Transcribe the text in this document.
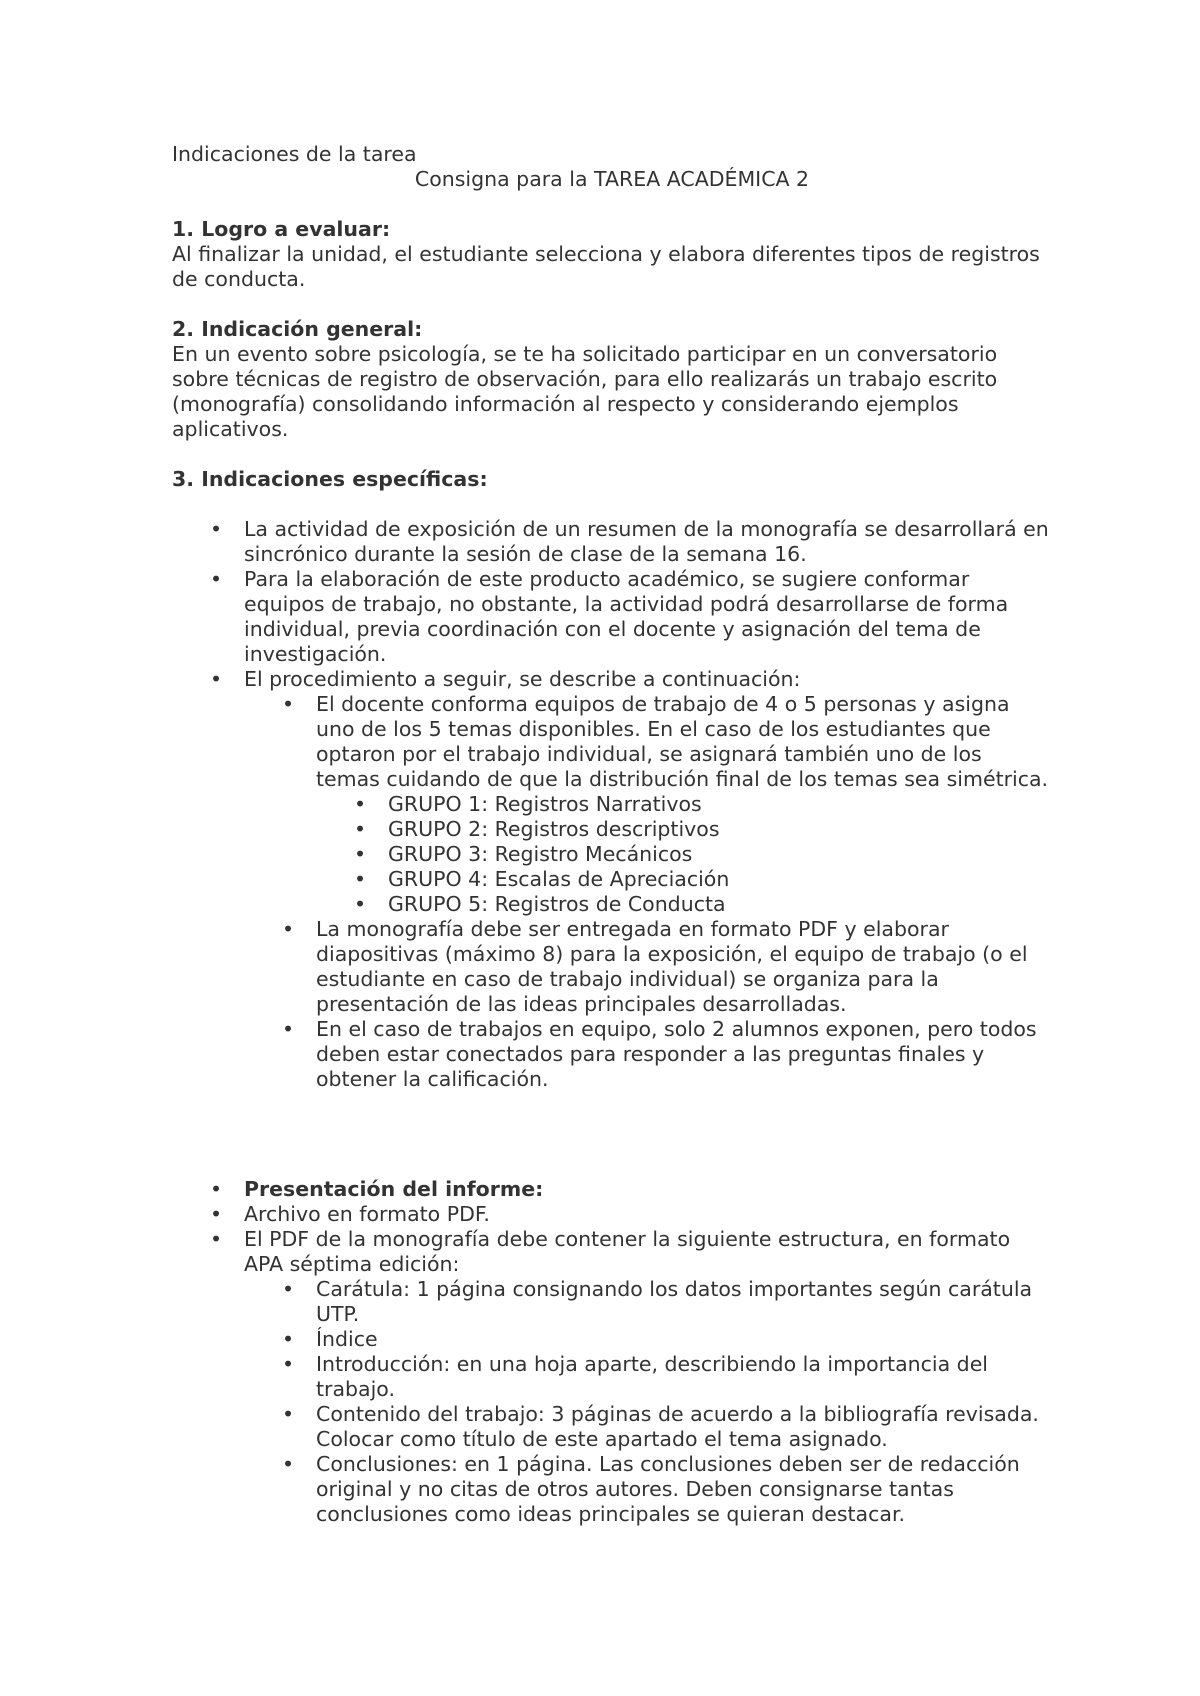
Indicaciones de la tarea

Consigna para la TAREA ACADÉMICA 2

1. Logro a evaluar:

Al finalizar la unidad, el estudiante selecciona y elabora diferentes tipos de registros de conducta.

2. Indicación general:

En un evento sobre psicología, se te ha solicitado participar en un conversatorio sobre técnicas de registro de observación, para ello realizarás un trabajo escrito (monografía) consolidando información al respecto y considerando ejemplos aplicativos.

3. Indicaciones específicas:

• La actividad de exposición de un resumen de la monografía se desarrollará en sincrónico durante la sesión de clase de la semana 16.
• Para la elaboración de este producto académico, se sugiere conformar equipos de trabajo, no obstante, la actividad podrá desarrollarse de forma individual, previa coordinación con el docente y asignación del tema de investigación.
• El procedimiento a seguir, se describe a continuación:
• El docente conforma equipos de trabajo de 4 o 5 personas y asigna uno de los 5 temas disponibles. En el caso de los estudiantes que optaron por el trabajo individual, se asignará también uno de los temas cuidando de que la distribución final de los temas sea simétrica.
• GRUPO 1: Registros Narrativos
• GRUPO 2: Registros descriptivos
• GRUPO 3: Registro Mecánicos
• GRUPO 4: Escalas de Apreciación
• GRUPO 5: Registros de Conducta
• La monografía debe ser entregada en formato PDF y elaborar diapositivas (máximo 8) para la exposición, el equipo de trabajo (o el estudiante en caso de trabajo individual) se organiza para la presentación de las ideas principales desarrolladas.
• En el caso de trabajos en equipo, solo 2 alumnos exponen, pero todos deben estar conectados para responder a las preguntas finales y obtener la calificación.
• Presentación del informe:
• Archivo en formato PDF.
• El PDF de la monografía debe contener la siguiente estructura, en formato APA séptima edición:
• Carátula: 1 página consignando los datos importantes según carátula UTP.
• Índice
• Introducción: en una hoja aparte, describiendo la importancia del trabajo.
• Contenido del trabajo: 3 páginas de acuerdo a la bibliografía revisada. Colocar como título de este apartado el tema asignado.
• Conclusiones: en 1 página. Las conclusiones deben ser de redacción original y no citas de otros autores. Deben consignarse tantas conclusiones como ideas principales se quieran destacar.
